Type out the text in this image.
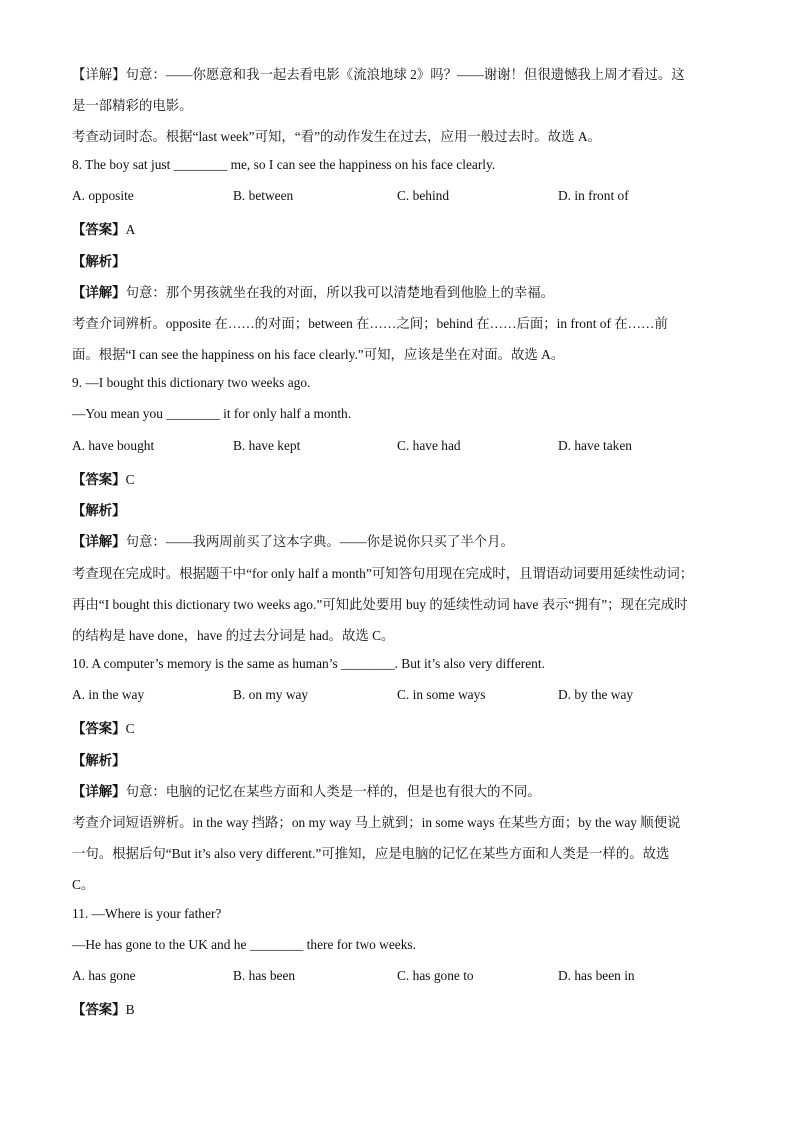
【详解】句意：——你愿意和我一起去看电影《流浪地球 2》吗？——谢谢！但很遗憾我上周才看过。这
是一部精彩的电影。
考查动词时态。根据“last week”可知，“看”的动作发生在过去，应用一般过去时。故选 A。
8. The boy sat just ________ me, so I can see the happiness on his face clearly.
A. opposite	B. between	C. behind	D. in front of
【答案】A
【解析】
【详解】句意：那个男孩就坐在我的对面，所以我可以清楚地看到他脸上的幸福。
考查介词辨析。opposite 在……的对面；between 在……之间；behind 在……后面；in front of 在……前
面。根据“I can see the happiness on his face clearly.”可知，应该是坐在对面。故选 A。
9. —I bought this dictionary two weeks ago.
—You mean you ________ it for only half a month.
A. have bought	B. have kept	C. have had	D. have taken
【答案】C
【解析】
【详解】句意：——我两周前买了这本字典。——你是说你只买了半个月。
考查现在完成时。根据题干中“for only half a month”可知答句用现在完成时，且谓语动词要用延续性动词；
再由“I bought this dictionary two weeks ago.”可知此处要用 buy 的延续性动词 have 表示“拥有”；现在完成时
的结构是 have done，have 的过去分词是 had。故选 C。
10. A computer’s memory is the same as human’s ________. But it’s also very different.
A. in the way	B. on my way	C. in some ways	D. by the way
【答案】C
【解析】
【详解】句意：电脑的记忆在某些方面和人类是一样的，但是也有很大的不同。
考查介词短语辨析。in the way 挡路；on my way 马上就到；in some ways 在某些方面；by the way 顺便说
一句。根据后句“But it’s also very different.”可推知，应是电脑的记忆在某些方面和人类是一样的。故选
C。
11. —Where is your father?
—He has gone to the UK and he ________ there for two weeks.
A. has gone	B. has been	C. has gone to	D. has been in
【答案】B
